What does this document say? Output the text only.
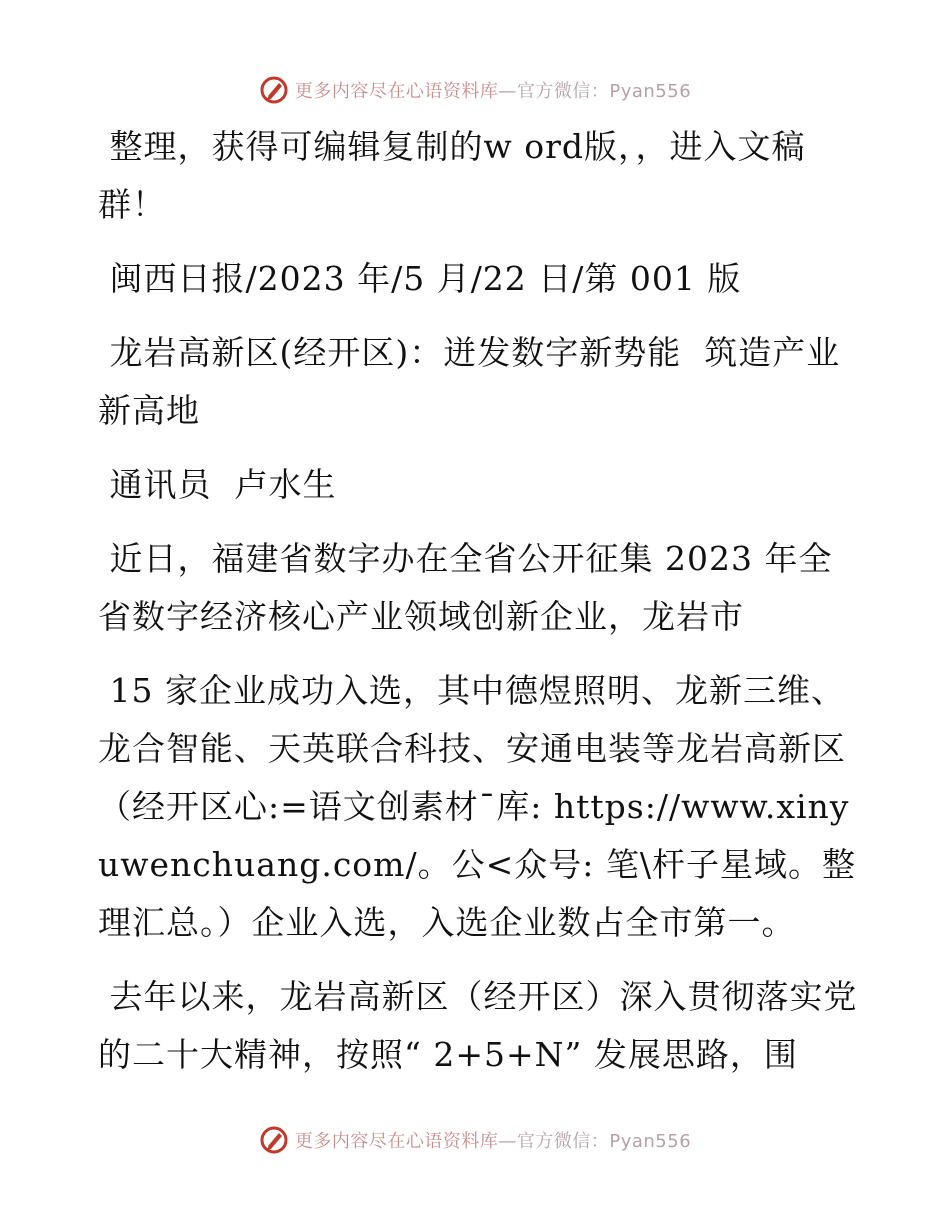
更多内容尽在心语资料库 —官方微信：Pyan556

整理，获得可编辑复制的w ord版，，进入文稿群！

闽西日报/2023 年/5 月/22 日/第 001 版

龙岩高新区(经开区)：迸发数字新势能  筑造产业新高地

通讯员  卢水生

近日，福建省数字办在全省公开征集 2023 年全省数字经济核心产业领域创新企业，龙岩市

15 家企业成功入选，其中德煜照明、龙新三维、龙合智能、天英联合科技、安通电装等龙岩高新区（经开区心:=语文创素材¯库: https://www.xinyuwenchuang.com/。公<众号: 笔\杆子星域。整理汇总。）企业入选，入选企业数占全市第一。

去年以来，龙岩高新区（经开区）深入贯彻落实党的二十大精神，按照“ 2+5+N” 发展思路，围

更多内容尽在心语资料库 —官方微信：Pyan556
